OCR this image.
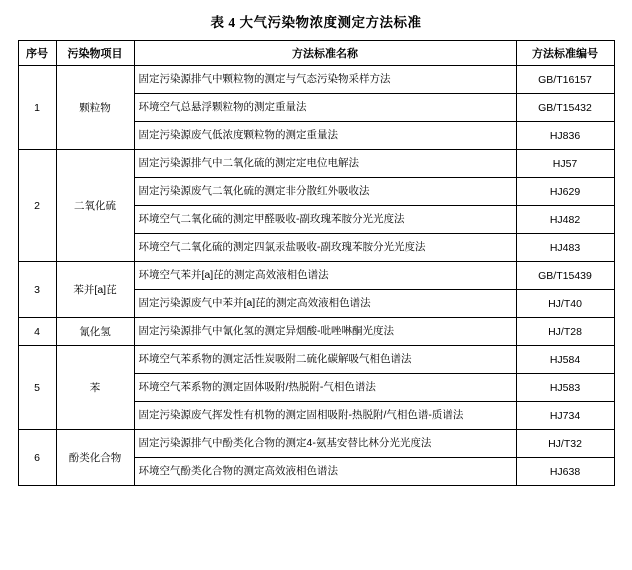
表 4 大气污染物浓度测定方法标准
序号	污染物项目	方法标准名称	方法标准编号
1	颗粒物	固定污染源排气中颗粒物的测定与气态污染物采样方法	GB/T16157
		环境空气总悬浮颗粒物的测定重量法	GB/T15432
		固定污染源废气低浓度颗粒物的测定重量法	HJ836
2	二氧化硫	固定污染源排气中二氧化硫的测定定电位电解法	HJ57
		固定污染源废气二氧化硫的测定非分散红外吸收法	HJ629
		环境空气二氧化硫的测定甲醛吸收-副玫瑰苯胺分光光度法	HJ482
		环境空气二氧化硫的测定四氯汞盐吸收-副玫瑰苯胺分光光度法	HJ483
3	苯并[a]芘	环境空气苯并[a]芘的测定高效液相色谱法	GB/T15439
		固定污染源废气中苯并[a]芘的测定高效液相色谱法	HJ/T40
4	氰化氢	固定污染源排气中氰化氢的测定异烟酸-吡唑啉酮光度法	HJ/T28
5	苯	环境空气苯系物的测定活性炭吸附二硫化碳解吸气相色谱法	HJ584
		环境空气苯系物的测定固体吸附/热脱附-气相色谱法	HJ583
		固定污染源废气挥发性有机物的测定固相吸附-热脱附/气相色谱-质谱法	HJ734
6	酚类化合物	固定污染源排气中酚类化合物的测定4-氨基安替比林分光光度法	HJ/T32
		环境空气酚类化合物的测定高效液相色谱法	HJ638
